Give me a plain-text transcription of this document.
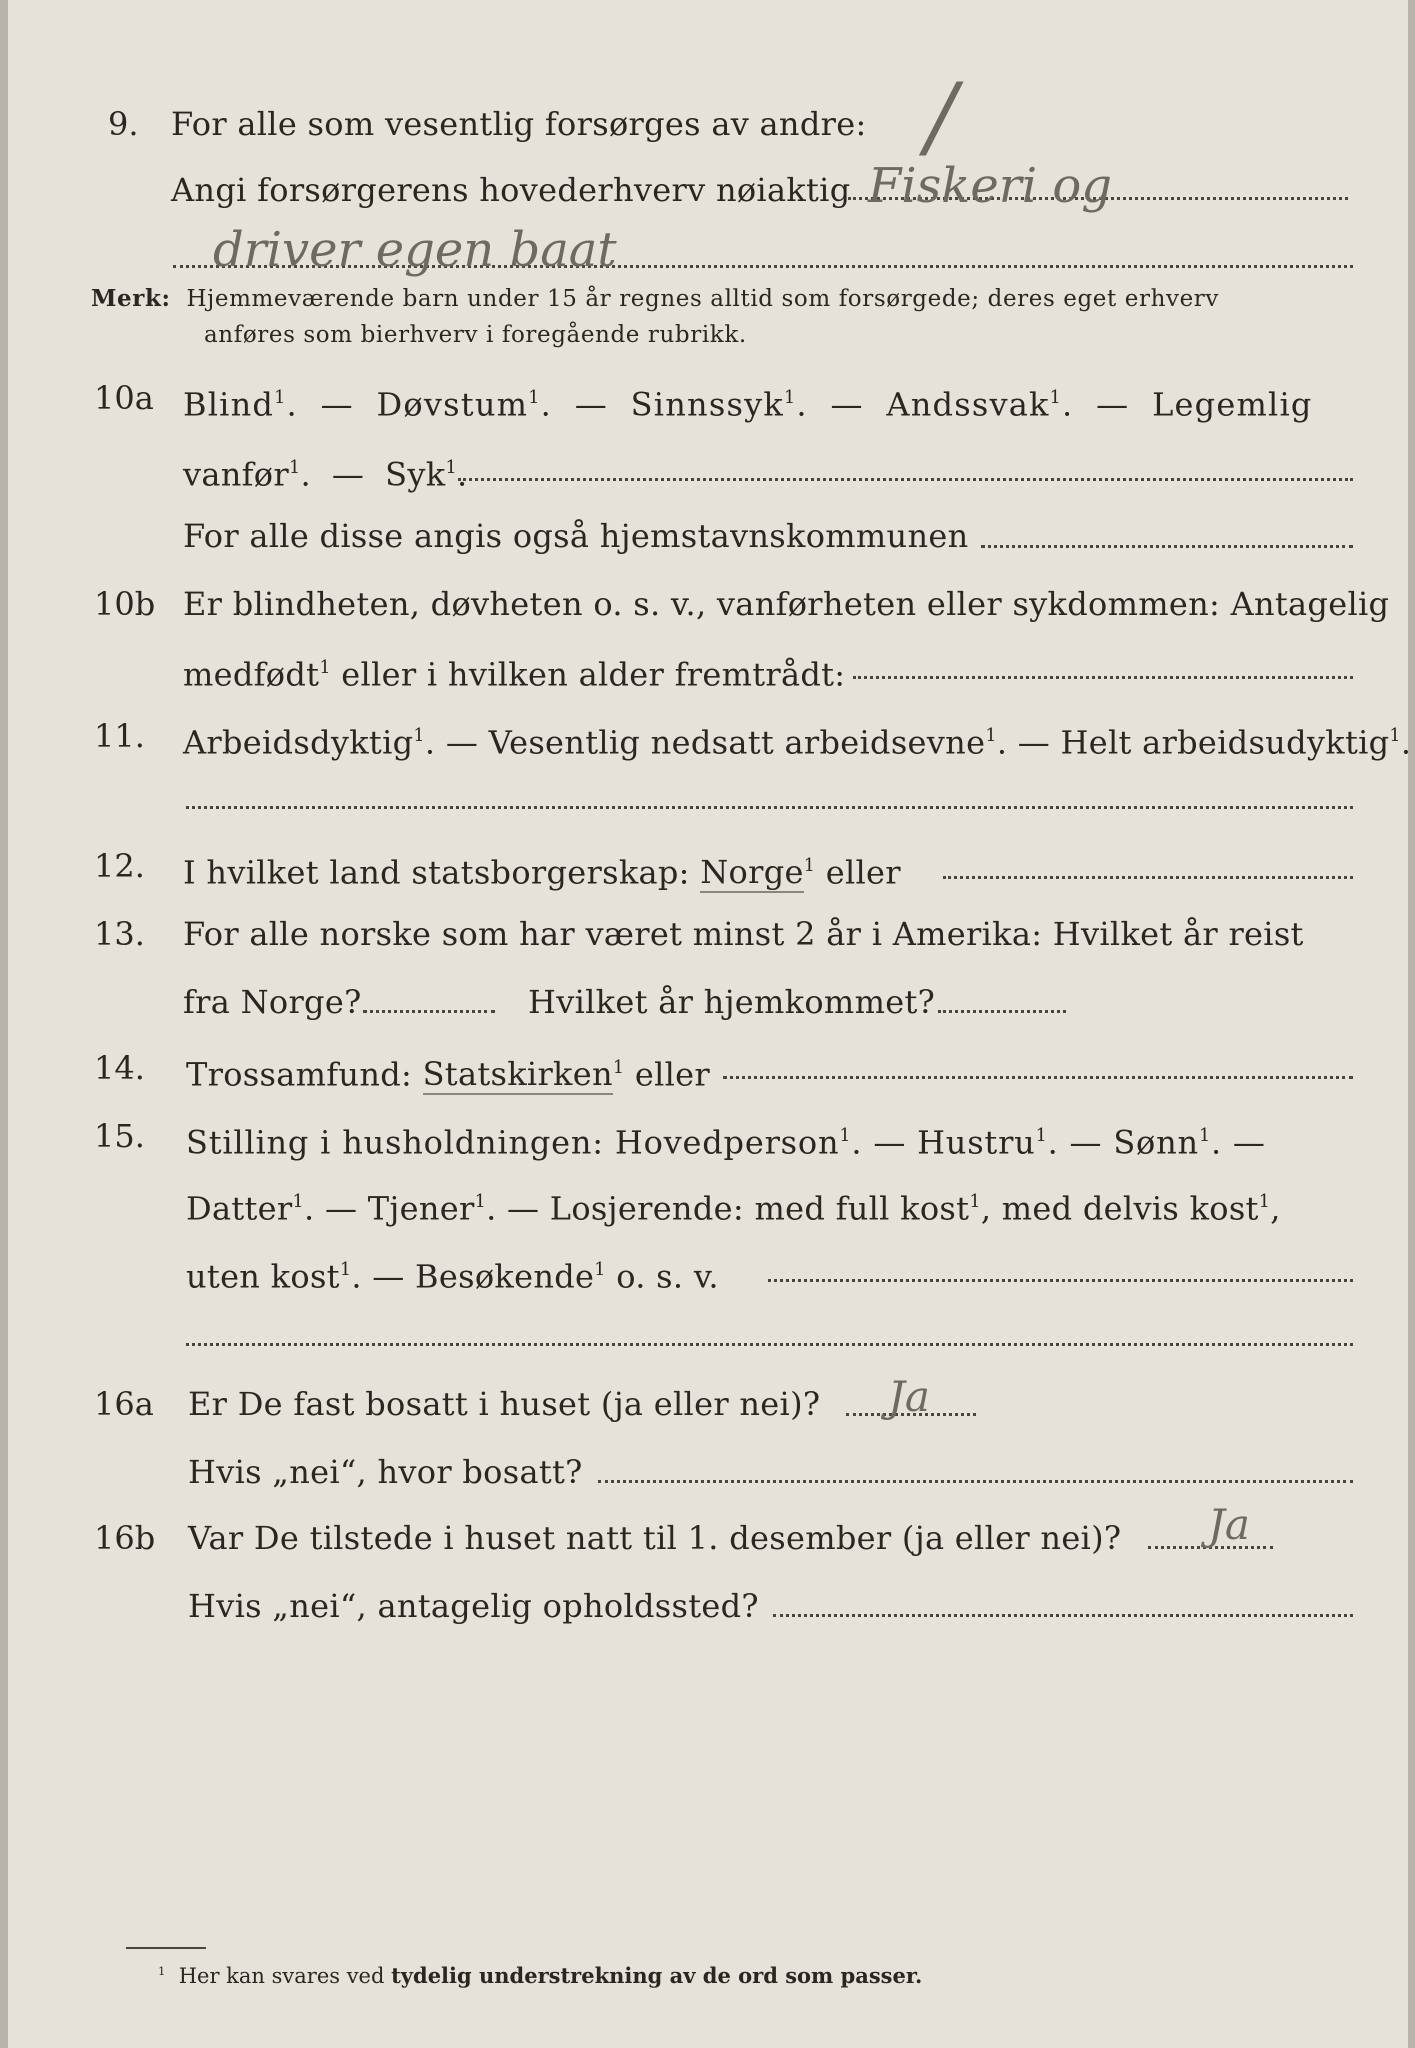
9. For alle som vesentlig forsørges av andre: /
Angi forsørgerens hovederhverv nøiaktig Fiskeri og
driver egen baat
Merk: Hjemmeværende barn under 15 år regnes alltid som forsørgede; deres eget erhverv
anføres som bierhverv i foregående rubrikk.
10a Blind$^1$.  —  Døvstum$^1$.  —  Sinnssyk$^1$.  —  Andssvak$^1$.  —  Legemlig
vanfør$^1$.  —  Syk$^1$.
For alle disse angis også hjemstavnskommunen
10b Er blindheten, døvheten o. s. v., vanførheten eller sykdommen: Antagelig
medfødt$^1$ eller i hvilken alder fremtrådt:
11. Arbeidsdyktig$^1$. — Vesentlig nedsatt arbeidsevne$^1$. — Helt arbeidsudyktig$^1$.
12. I hvilket land statsborgerskap: Norge$^1$ eller
13. For alle norske som har været minst 2 år i Amerika: Hvilket år reist
fra Norge?	Hvilket år hjemkommet?
14. Trossamfund: Statskirken$^1$ eller
15. Stilling i husholdningen: Hovedperson$^1$. — Hustru$^1$. — Sønn$^1$. —
Datter$^1$. — Tjener$^1$. — Losjerende: med full kost$^1$, med delvis kost$^1$,
uten kost$^1$. — Besøkende$^1$ o. s. v.
16a Er De fast bosatt i huset (ja eller nei)? Ja
Hvis „nei“, hvor bosatt?
16b Var De tilstede i huset natt til 1. desember (ja eller nei)? Ja
Hvis „nei“, antagelig opholdssted?
$^1$ Her kan svares ved tydelig understrekning av de ord som passer.
